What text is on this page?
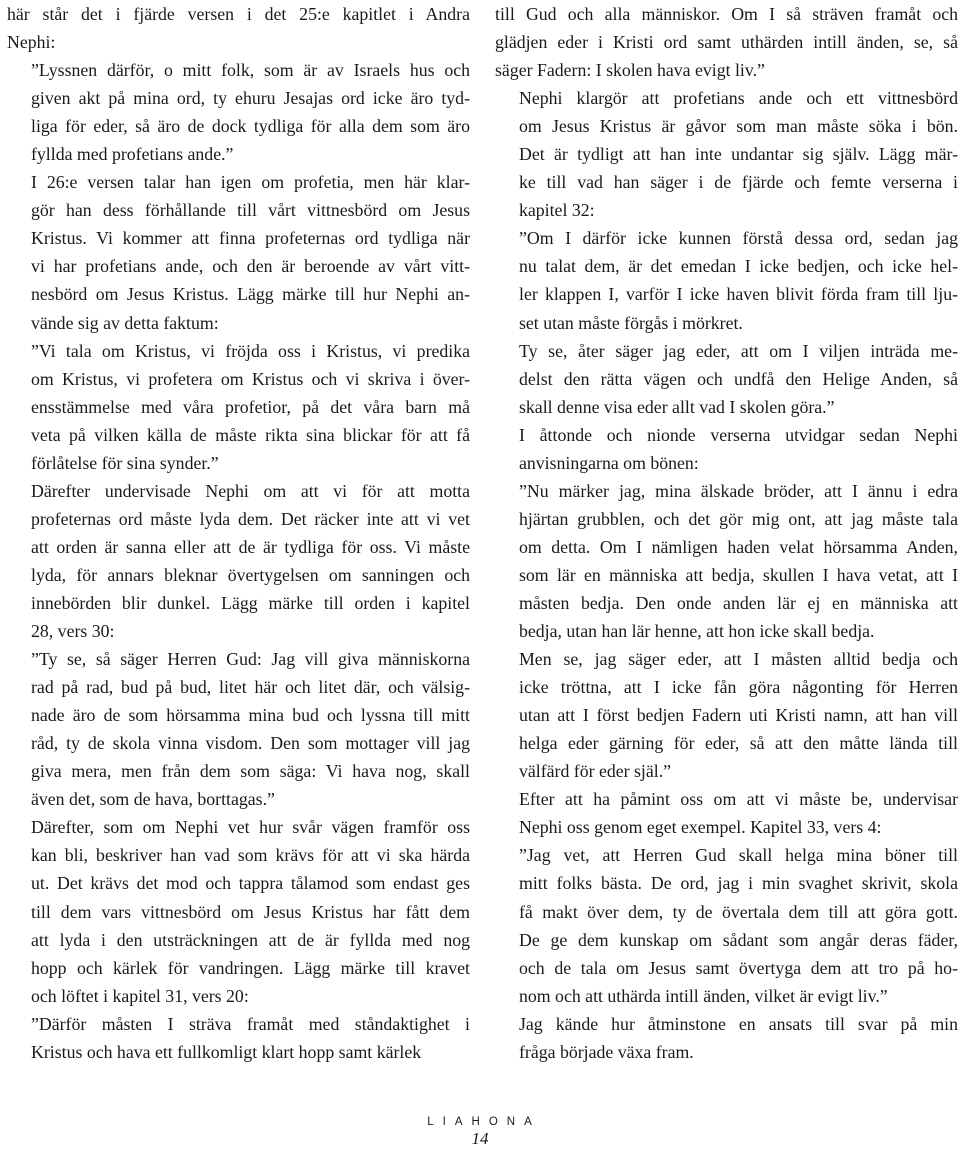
här står det i fjärde versen i det 25:e kapitlet i Andra
Nephi:
”Lyssnen därför, o mitt folk, som är av Israels hus och
given akt på mina ord, ty ehuru Jesajas ord icke äro tyd-
liga för eder, så äro de dock tydliga för alla dem som äro
fyllda med profetians ande.”
I 26:e versen talar han igen om profetia, men här klar-
gör han dess förhållande till vårt vittnesbörd om Jesus
Kristus. Vi kommer att finna profeternas ord tydliga när
vi har profetians ande, och den är beroende av vårt vitt-
nesbörd om Jesus Kristus. Lägg märke till hur Nephi an-
vände sig av detta faktum:
”Vi tala om Kristus, vi fröjda oss i Kristus, vi predika
om Kristus, vi profetera om Kristus och vi skriva i över-
ensstämmelse med våra profetior, på det våra barn må
veta på vilken källa de måste rikta sina blickar för att få
förlåtelse för sina synder.”
Därefter undervisade Nephi om att vi för att motta
profeternas ord måste lyda dem. Det räcker inte att vi vet
att orden är sanna eller att de är tydliga för oss. Vi måste
lyda, för annars bleknar övertygelsen om sanningen och
innebörden blir dunkel. Lägg märke till orden i kapitel
28, vers 30:
”Ty se, så säger Herren Gud: Jag vill giva människorna
rad på rad, bud på bud, litet här och litet där, och välsig-
nade äro de som hörsamma mina bud och lyssna till mitt
råd, ty de skola vinna visdom. Den som mottager vill jag
giva mera, men från dem som säga: Vi hava nog, skall
även det, som de hava, borttagas.”
Därefter, som om Nephi vet hur svår vägen framför oss
kan bli, beskriver han vad som krävs för att vi ska härda
ut. Det krävs det mod och tappra tålamod som endast ges
till dem vars vittnesbörd om Jesus Kristus har fått dem
att lyda i den utsträckningen att de är fyllda med nog
hopp och kärlek för vandringen. Lägg märke till kravet
och löftet i kapitel 31, vers 20:
”Därför måsten I sträva framåt med ståndaktighet i
Kristus och hava ett fullkomligt klart hopp samt kärlek
till Gud och alla människor. Om I så sträven framåt och
glädjen eder i Kristi ord samt uthärden intill änden, se, så
säger Fadern: I skolen hava evigt liv.”
Nephi klargör att profetians ande och ett vittnesbörd
om Jesus Kristus är gåvor som man måste söka i bön.
Det är tydligt att han inte undantar sig själv. Lägg mär-
ke till vad han säger i de fjärde och femte verserna i
kapitel 32:
”Om I därför icke kunnen förstå dessa ord, sedan jag
nu talat dem, är det emedan I icke bedjen, och icke hel-
ler klappen I, varför I icke haven blivit förda fram till lju-
set utan måste förgås i mörkret.
Ty se, åter säger jag eder, att om I viljen inträda me-
delst den rätta vägen och undfå den Helige Anden, så
skall denne visa eder allt vad I skolen göra.”
I åttonde och nionde verserna utvidgar sedan Nephi
anvisningarna om bönen:
”Nu märker jag, mina älskade bröder, att I ännu i edra
hjärtan grubblen, och det gör mig ont, att jag måste tala
om detta. Om I nämligen haden velat hörsamma Anden,
som lär en människa att bedja, skullen I hava vetat, att I
måsten bedja. Den onde anden lär ej en människa att
bedja, utan han lär henne, att hon icke skall bedja.
Men se, jag säger eder, att I måsten alltid bedja och
icke tröttna, att I icke fån göra någonting för Herren
utan att I först bedjen Fadern uti Kristi namn, att han vill
helga eder gärning för eder, så att den måtte lända till
välfärd för eder själ.”
Efter att ha påmint oss om att vi måste be, undervisar
Nephi oss genom eget exempel. Kapitel 33, vers 4:
”Jag vet, att Herren Gud skall helga mina böner till
mitt folks bästa. De ord, jag i min svaghet skrivit, skola
få makt över dem, ty de övertala dem till att göra gott.
De ge dem kunskap om sådant som angår deras fäder,
och de tala om Jesus samt övertyga dem att tro på ho-
nom och att uthärda intill änden, vilket är evigt liv.”
Jag kände hur åtminstone en ansats till svar på min
fråga började växa fram.
LIAHONA
14
